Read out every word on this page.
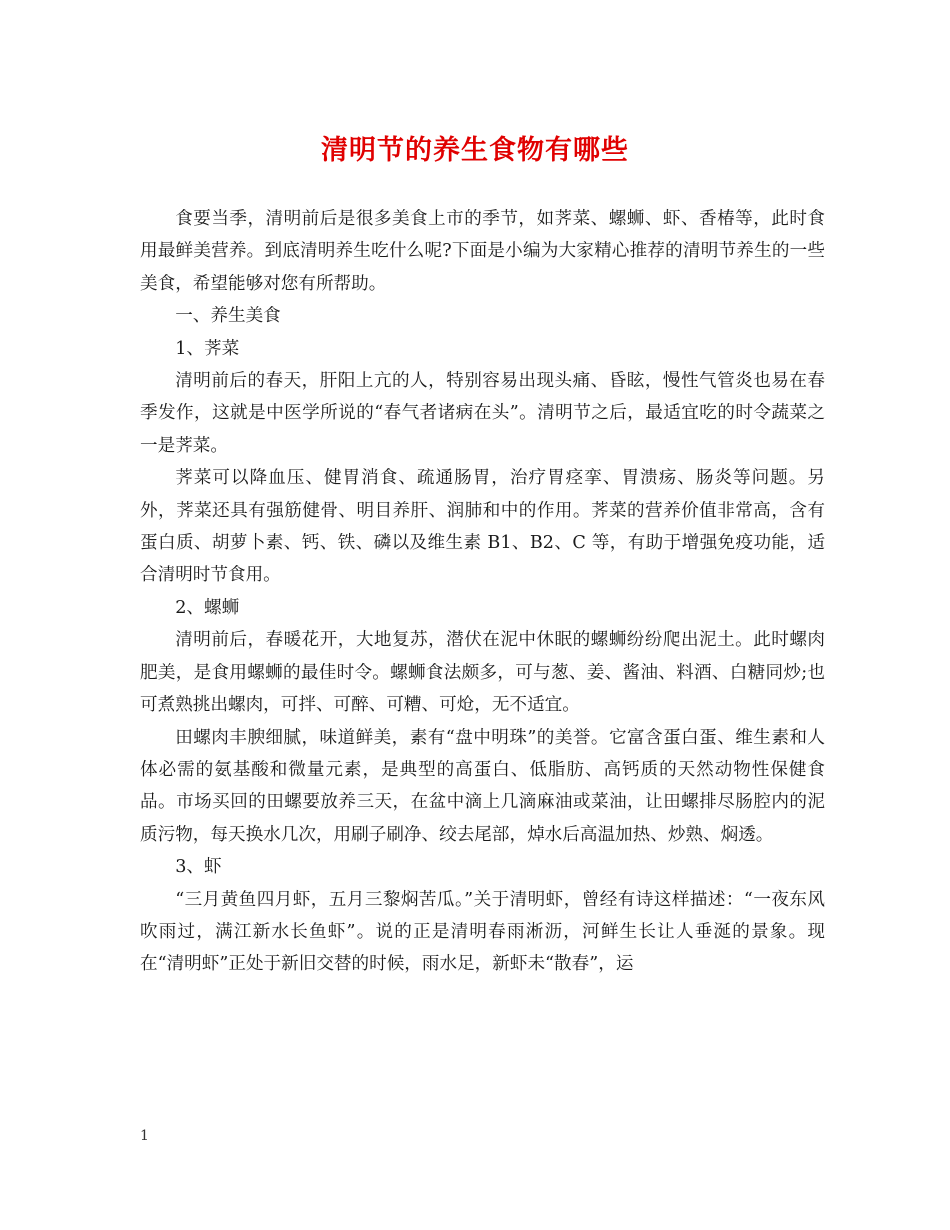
清明节的养生食物有哪些

食要当季，清明前后是很多美食上市的季节，如荠菜、螺蛳、虾、香椿等，此时食用最鲜美营养。到底清明养生吃什么呢?下面是小编为大家精心推荐的清明节养生的一些美食，希望能够对您有所帮助。

一、养生美食

1、荠菜

清明前后的春天，肝阳上亢的人，特别容易出现头痛、昏眩，慢性气管炎也易在春季发作，这就是中医学所说的“春气者诸病在头”。清明节之后，最适宜吃的时令蔬菜之一是荠菜。

荠菜可以降血压、健胃消食、疏通肠胃，治疗胃痉挛、胃溃疡、肠炎等问题。另外，荠菜还具有强筋健骨、明目养肝、润肺和中的作用。荠菜的营养价值非常高，含有蛋白质、胡萝卜素、钙、铁、磷以及维生素 B1、B2、C 等，有助于增强免疫功能，适合清明时节食用。

2、螺蛳

清明前后，春暖花开，大地复苏，潜伏在泥中休眠的螺蛳纷纷爬出泥土。此时螺肉肥美，是食用螺蛳的最佳时令。螺蛳食法颇多，可与葱、姜、酱油、料酒、白糖同炒;也可煮熟挑出螺肉，可拌、可醉、可糟、可炝，无不适宜。

田螺肉丰腴细腻，味道鲜美，素有“盘中明珠”的美誉。它富含蛋白蛋、维生素和人体必需的氨基酸和微量元素，是典型的高蛋白、低脂肪、高钙质的天然动物性保健食品。市场买回的田螺要放养三天，在盆中滴上几滴麻油或菜油，让田螺排尽肠腔内的泥质污物，每天换水几次，用刷子刷净、绞去尾部，焯水后高温加热、炒熟、焖透。

3、虾

“三月黄鱼四月虾，五月三黎焖苦瓜。”关于清明虾，曾经有诗这样描述：“一夜东风吹雨过，满江新水长鱼虾”。说的正是清明春雨淅沥，河鲜生长让人垂涎的景象。现在“清明虾”正处于新旧交替的时候，雨水足，新虾未“散春”，运

1
